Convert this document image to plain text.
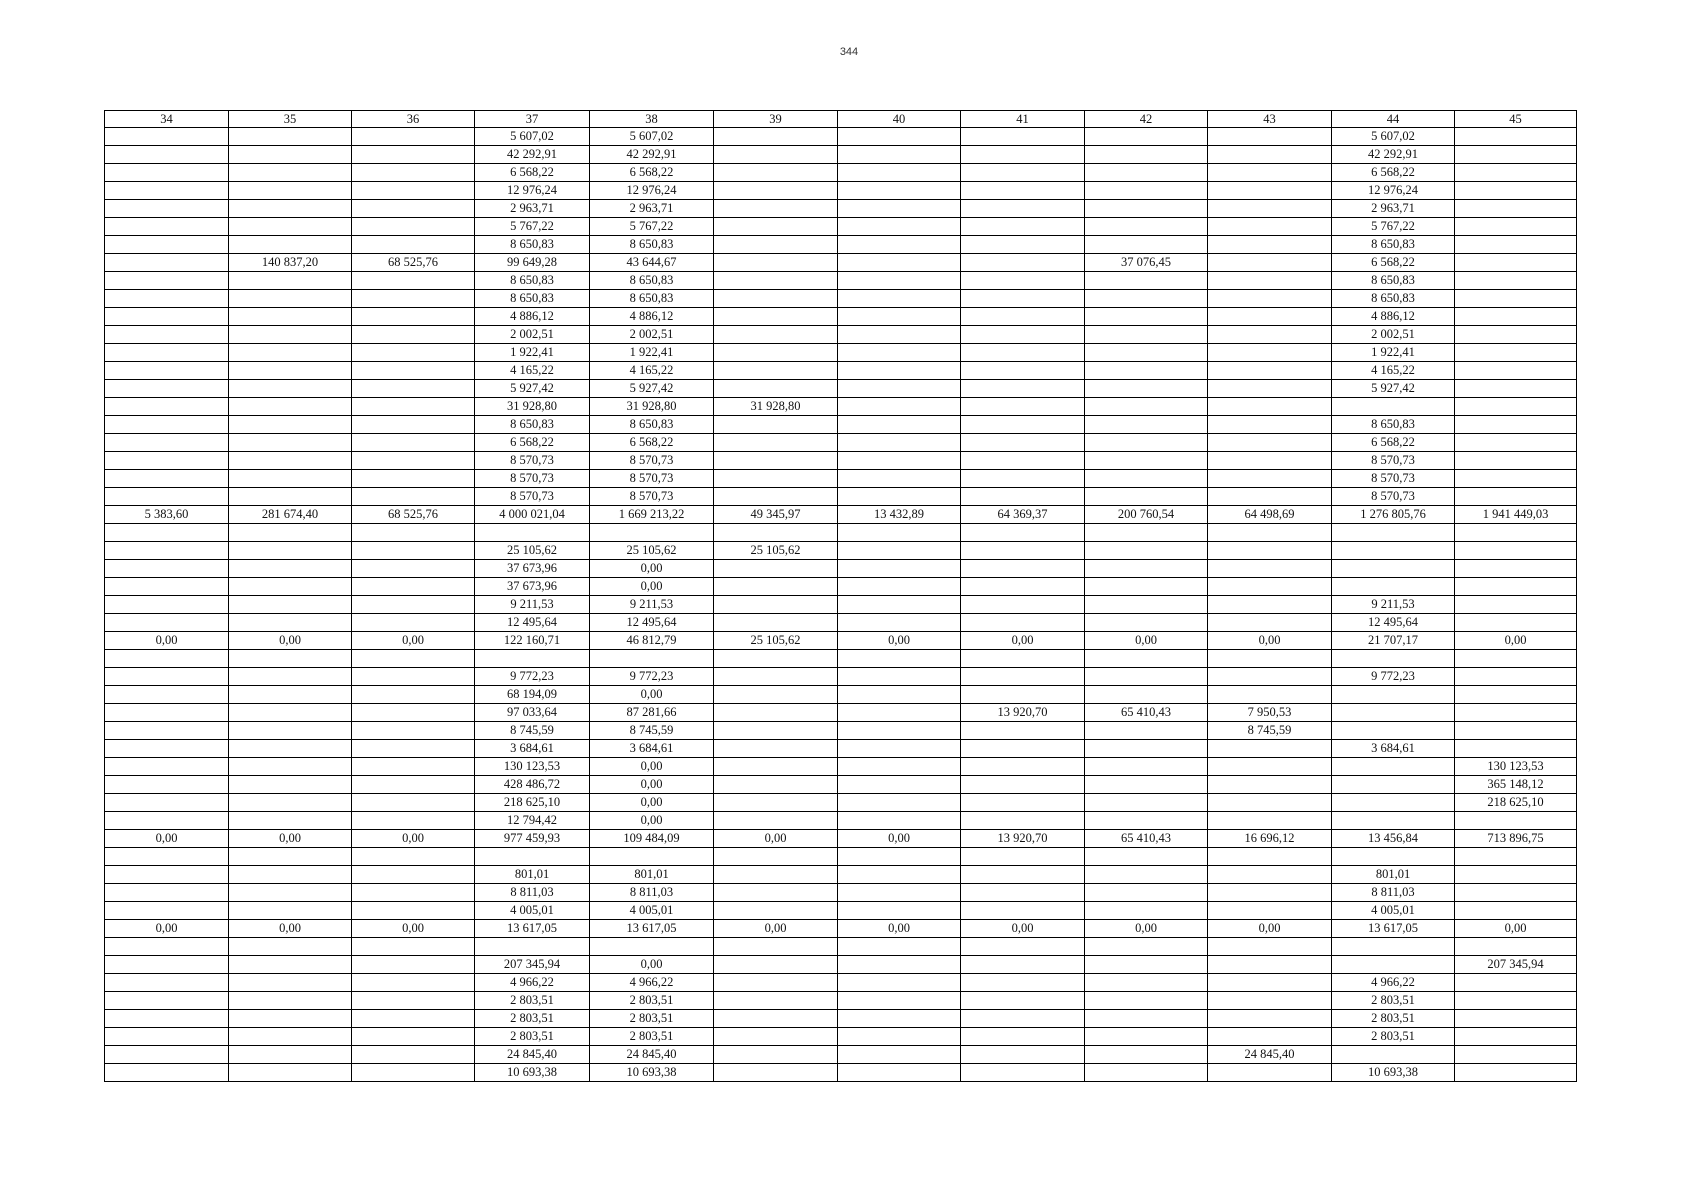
344
34	35	36	37	38	39	40	41	42	43	44	45
			5 607,02	5 607,02						5 607,02	
			42 292,91	42 292,91						42 292,91	
			6 568,22	6 568,22						6 568,22	
			12 976,24	12 976,24						12 976,24	
			2 963,71	2 963,71						2 963,71	
			5 767,22	5 767,22						5 767,22	
			8 650,83	8 650,83						8 650,83	
	140 837,20	68 525,76	99 649,28	43 644,67				37 076,45		6 568,22	
			8 650,83	8 650,83						8 650,83	
			8 650,83	8 650,83						8 650,83	
			4 886,12	4 886,12						4 886,12	
			2 002,51	2 002,51						2 002,51	
			1 922,41	1 922,41						1 922,41	
			4 165,22	4 165,22						4 165,22	
			5 927,42	5 927,42						5 927,42	
			31 928,80	31 928,80	31 928,80						
			8 650,83	8 650,83						8 650,83	
			6 568,22	6 568,22						6 568,22	
			8 570,73	8 570,73						8 570,73	
			8 570,73	8 570,73						8 570,73	
			8 570,73	8 570,73						8 570,73	
5 383,60	281 674,40	68 525,76	4 000 021,04	1 669 213,22	49 345,97	13 432,89	64 369,37	200 760,54	64 498,69	1 276 805,76	1 941 449,03

			25 105,62	25 105,62	25 105,62						
			37 673,96	0,00							
			37 673,96	0,00							
			9 211,53	9 211,53						9 211,53	
			12 495,64	12 495,64						12 495,64	
0,00	0,00	0,00	122 160,71	46 812,79	25 105,62	0,00	0,00	0,00	0,00	21 707,17	0,00

			9 772,23	9 772,23						9 772,23	
			68 194,09	0,00							
			97 033,64	87 281,66			13 920,70	65 410,43	7 950,53		
			8 745,59	8 745,59					8 745,59		
			3 684,61	3 684,61						3 684,61	
			130 123,53	0,00							130 123,53
			428 486,72	0,00							365 148,12
			218 625,10	0,00							218 625,10
			12 794,42	0,00							
0,00	0,00	0,00	977 459,93	109 484,09	0,00	0,00	13 920,70	65 410,43	16 696,12	13 456,84	713 896,75

			801,01	801,01						801,01	
			8 811,03	8 811,03						8 811,03	
			4 005,01	4 005,01						4 005,01	
0,00	0,00	0,00	13 617,05	13 617,05	0,00	0,00	0,00	0,00	0,00	13 617,05	0,00

			207 345,94	0,00							207 345,94
			4 966,22	4 966,22						4 966,22	
			2 803,51	2 803,51						2 803,51	
			2 803,51	2 803,51						2 803,51	
			2 803,51	2 803,51						2 803,51	
			24 845,40	24 845,40					24 845,40		
			10 693,38	10 693,38						10 693,38	
